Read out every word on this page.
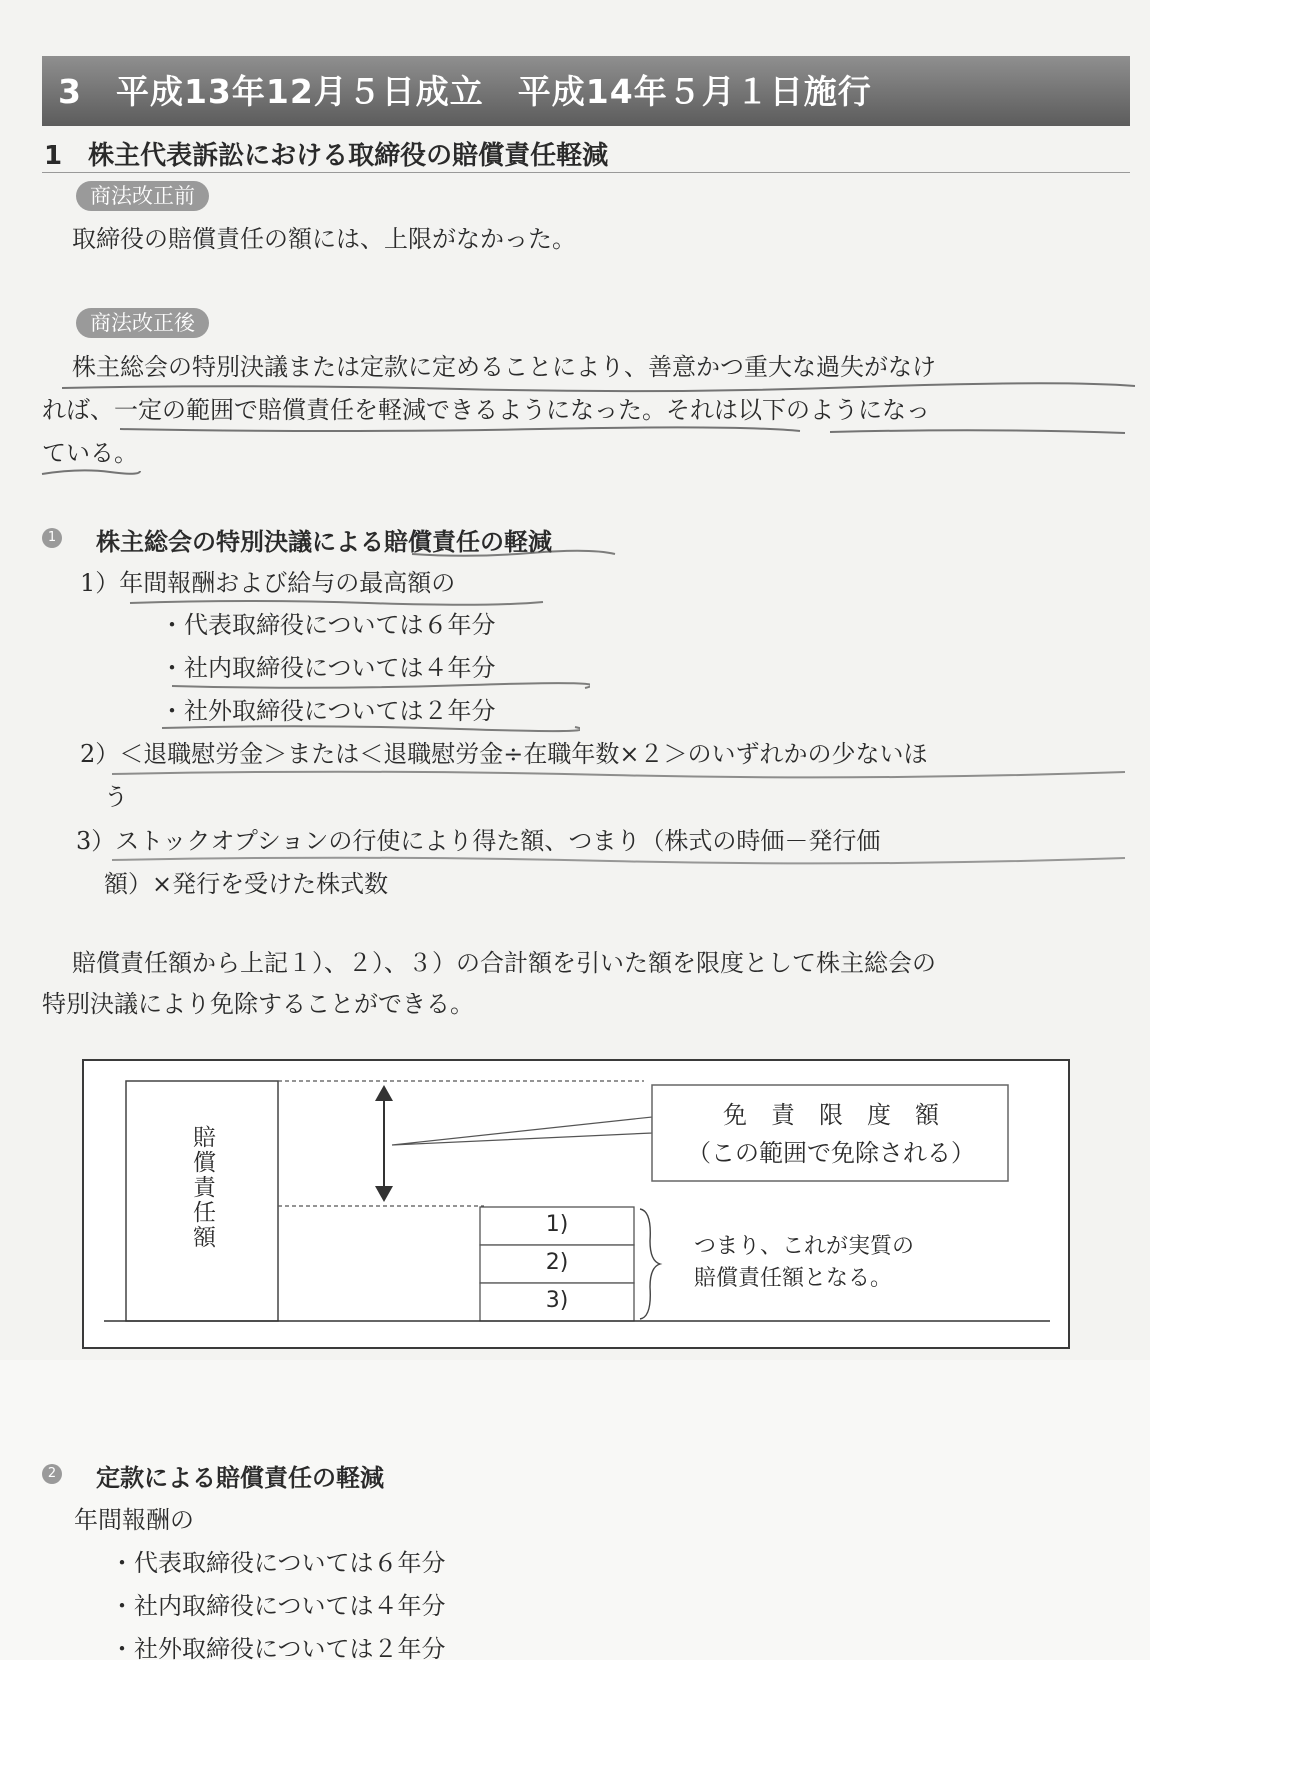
3　平成13年12月５日成立　平成14年５月１日施行
1　株主代表訴訟における取締役の賠償責任軽減
商法改正前
取締役の賠償責任の額には、上限がなかった。
商法改正後
株主総会の特別決議または定款に定めることにより、善意かつ重大な過失がなけ
れば、一定の範囲で賠償責任を軽減できるようになった。それは以下のようになっ
ている。
1 株主総会の特別決議による賠償責任の軽減
1）年間報酬および給与の最高額の
・代表取締役については６年分
・社内取締役については４年分
・社外取締役については２年分
2）＜退職慰労金＞または＜退職慰労金÷在職年数×２＞のいずれかの少ないほ
う
3）ストックオプションの行使により得た額、つまり（株式の時価－発行価
額）×発行を受けた株式数
賠償責任額から上記１）、２）、３）の合計額を引いた額を限度として株主総会の
特別決議により免除することができる。
賠償責任額
免　責　限　度　額
（この範囲で免除される）
1)
2)
3)
つまり、これが実質の
賠償責任額となる。
2 定款による賠償責任の軽減
年間報酬の
・代表取締役については６年分
・社内取締役については４年分
・社外取締役については２年分
